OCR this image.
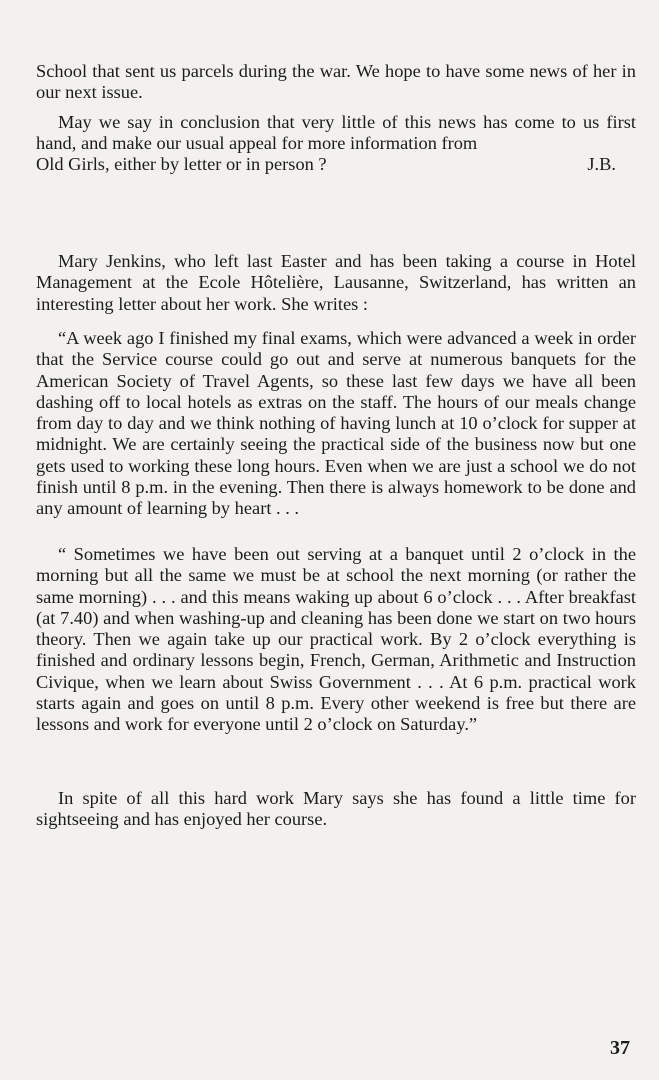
School that sent us parcels during the war. We hope to have some news of her in our next issue.

May we say in conclusion that very little of this news has come to us first hand, and make our usual appeal for more information from

Old Girls, either by letter or in person ?	J.B.

Mary Jenkins, who left last Easter and has been taking a course in Hotel Management at the Ecole Hôtelière, Lausanne, Switzerland, has written an interesting letter about her work. She writes :

“A week ago I finished my final exams, which were advanced a week in order that the Service course could go out and serve at numerous banquets for the American Society of Travel Agents, so these last few days we have all been dashing off to local hotels as extras on the staff. The hours of our meals change from day to day and we think nothing of having lunch at 10 o’clock for supper at midnight. We are certainly seeing the practical side of the business now but one gets used to working these long hours. Even when we are just a school we do not finish until 8 p.m. in the evening. Then there is always homework to be done and any amount of learning by heart . . .

“ Sometimes we have been out serving at a banquet until 2 o’clock in the morning but all the same we must be at school the next morning (or rather the same morning) . . . and this means waking up about 6 o’clock . . . After breakfast (at 7.40) and when washing-up and cleaning has been done we start on two hours theory. Then we again take up our practical work. By 2 o’clock everything is finished and ordinary lessons begin, French, German, Arithmetic and Instruction Civique, when we learn about Swiss Government . . . At 6 p.m. practical work starts again and goes on until 8 p.m. Every other weekend is free but there are lessons and work for everyone until 2 o’clock on Saturday.”

In spite of all this hard work Mary says she has found a little time for sightseeing and has enjoyed her course.

37
